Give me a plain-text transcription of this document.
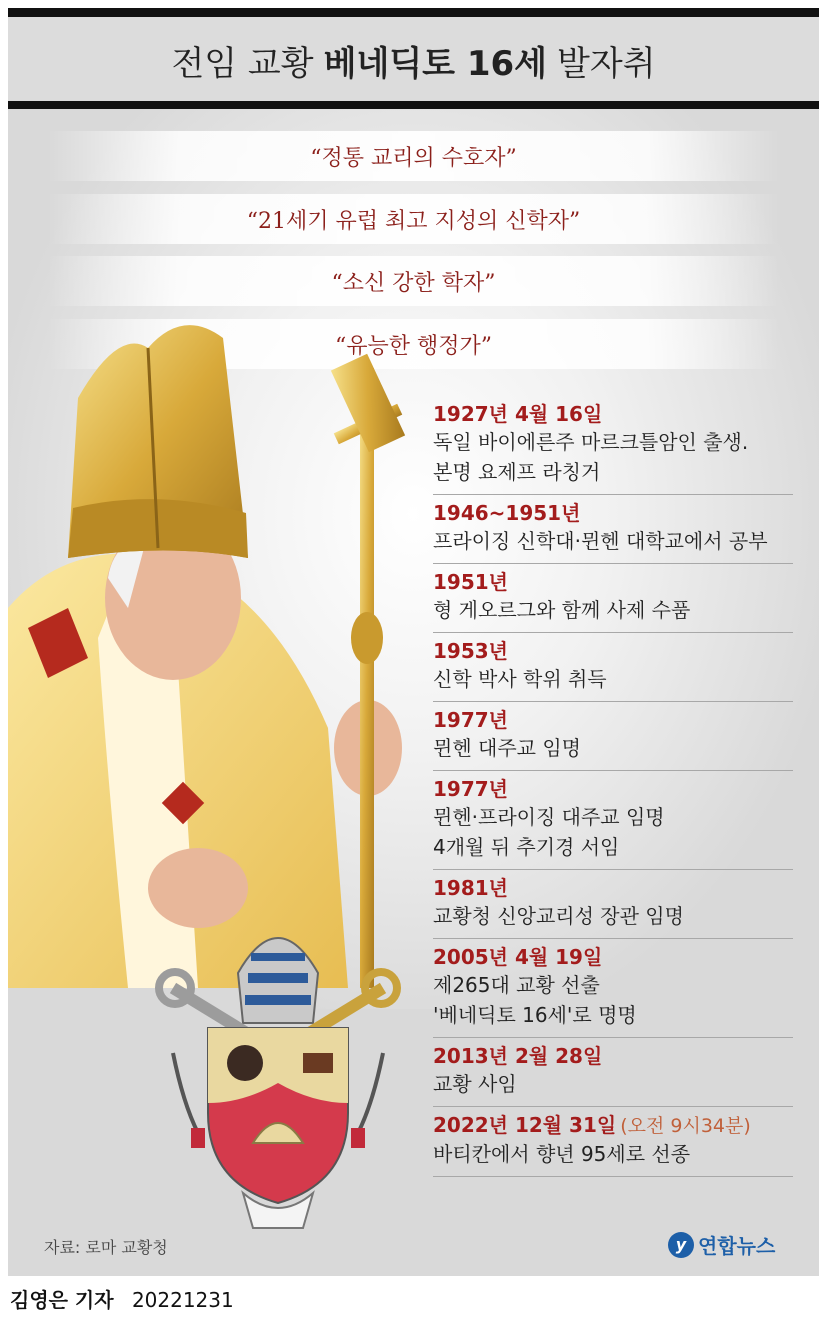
전임 교황 베네딕토 16세 발자취
“정통 교리의 수호자”
“21세기 유럽 최고 지성의 신학자”
“소신 강한 학자”
“유능한 행정가”
1927년 4월 16일
독일 바이에른주 마르크틀암인 출생.
본명 요제프 라칭거
1946~1951년
프라이징 신학대·뮌헨 대학교에서 공부
1951년
형 게오르그와 함께 사제 수품
1953년
신학 박사 학위 취득
1977년
뮌헨 대주교 임명
1977년
뮌헨·프라이징 대주교 임명
4개월 뒤 추기경 서임
1981년
교황청 신앙교리성 장관 임명
2005년 4월 19일
제265대 교황 선출
'베네딕토 16세'로 명명
2013년 2월 28일
교황 사임
2022년 12월 31일 (오전 9시34분)
바티칸에서 향년 95세로 선종
자료: 로마 교황청	y 연합뉴스
김영은 기자 20221231
